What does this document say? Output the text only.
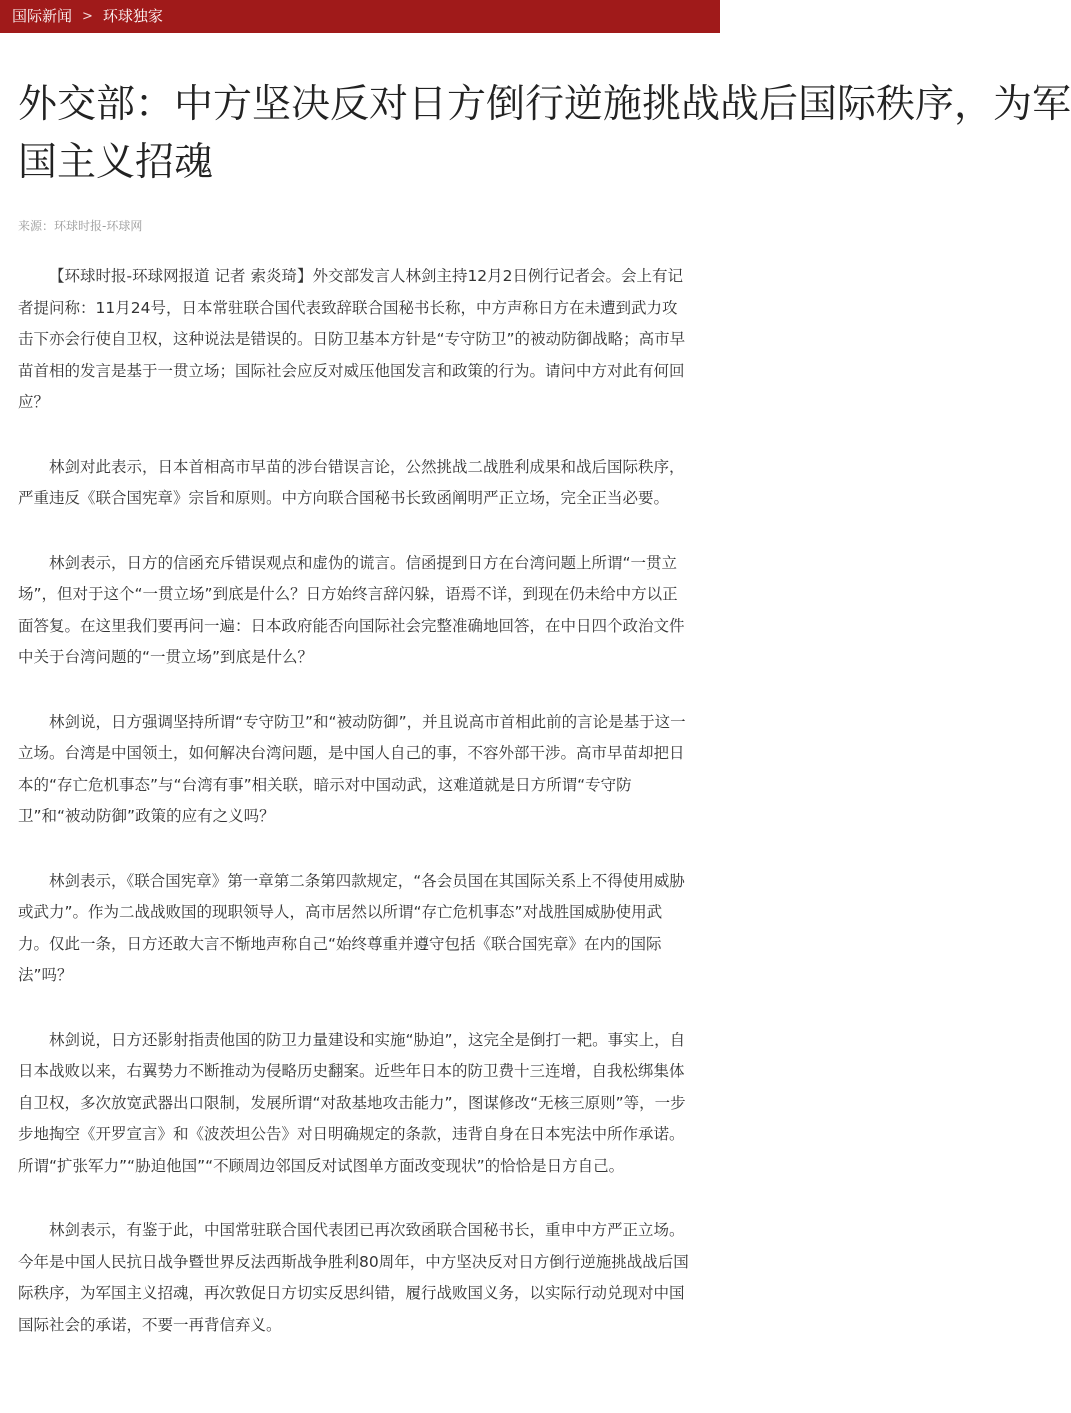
国际新闻 > 环球独家
外交部：中方坚决反对日方倒行逆施挑战战后国际秩序，为军
国主义招魂
来源：环球时报-环球网

【环球时报-环球网报道 记者 索炎琦】外交部发言人林剑主持12月2日例行记者会。会上有记者提问称：11月24号，日本常驻联合国代表致辞联合国秘书长称，中方声称日方在未遭到武力攻击下亦会行使自卫权，这种说法是错误的。日防卫基本方针是“专守防卫”的被动防御战略；高市早苗首相的发言是基于一贯立场；国际社会应反对威压他国发言和政策的行为。请问中方对此有何回应？

林剑对此表示，日本首相高市早苗的涉台错误言论，公然挑战二战胜利成果和战后国际秩序，严重违反《联合国宪章》宗旨和原则。中方向联合国秘书长致函阐明严正立场，完全正当必要。

林剑表示，日方的信函充斥错误观点和虚伪的谎言。信函提到日方在台湾问题上所谓“一贯立场”，但对于这个“一贯立场”到底是什么？日方始终言辞闪躲，语焉不详，到现在仍未给中方以正面答复。在这里我们要再问一遍：日本政府能否向国际社会完整准确地回答，在中日四个政治文件中关于台湾问题的“一贯立场”到底是什么？

林剑说，日方强调坚持所谓“专守防卫”和“被动防御”，并且说高市首相此前的言论是基于这一立场。台湾是中国领土，如何解决台湾问题，是中国人自己的事，不容外部干涉。高市早苗却把日本的“存亡危机事态”与“台湾有事”相关联，暗示对中国动武，这难道就是日方所谓“专守防卫”和“被动防御”政策的应有之义吗？

林剑表示，《联合国宪章》第一章第二条第四款规定，“各会员国在其国际关系上不得使用威胁或武力”。作为二战战败国的现职领导人，高市居然以所谓“存亡危机事态”对战胜国威胁使用武力。仅此一条，日方还敢大言不惭地声称自己“始终尊重并遵守包括《联合国宪章》在内的国际法”吗？

林剑说，日方还影射指责他国的防卫力量建设和实施“胁迫”，这完全是倒打一耙。事实上，自日本战败以来，右翼势力不断推动为侵略历史翻案。近些年日本的防卫费十三连增，自我松绑集体自卫权，多次放宽武器出口限制，发展所谓“对敌基地攻击能力”，图谋修改“无核三原则”等，一步步地掏空《开罗宣言》和《波茨坦公告》对日明确规定的条款，违背自身在日本宪法中所作承诺。所谓“扩张军力”“胁迫他国”“不顾周边邻国反对试图单方面改变现状”的恰恰是日方自己。

林剑表示，有鉴于此，中国常驻联合国代表团已再次致函联合国秘书长，重申中方严正立场。今年是中国人民抗日战争暨世界反法西斯战争胜利80周年，中方坚决反对日方倒行逆施挑战战后国际秩序，为军国主义招魂，再次敦促日方切实反思纠错，履行战败国义务，以实际行动兑现对中国国际社会的承诺，不要一再背信弃义。
